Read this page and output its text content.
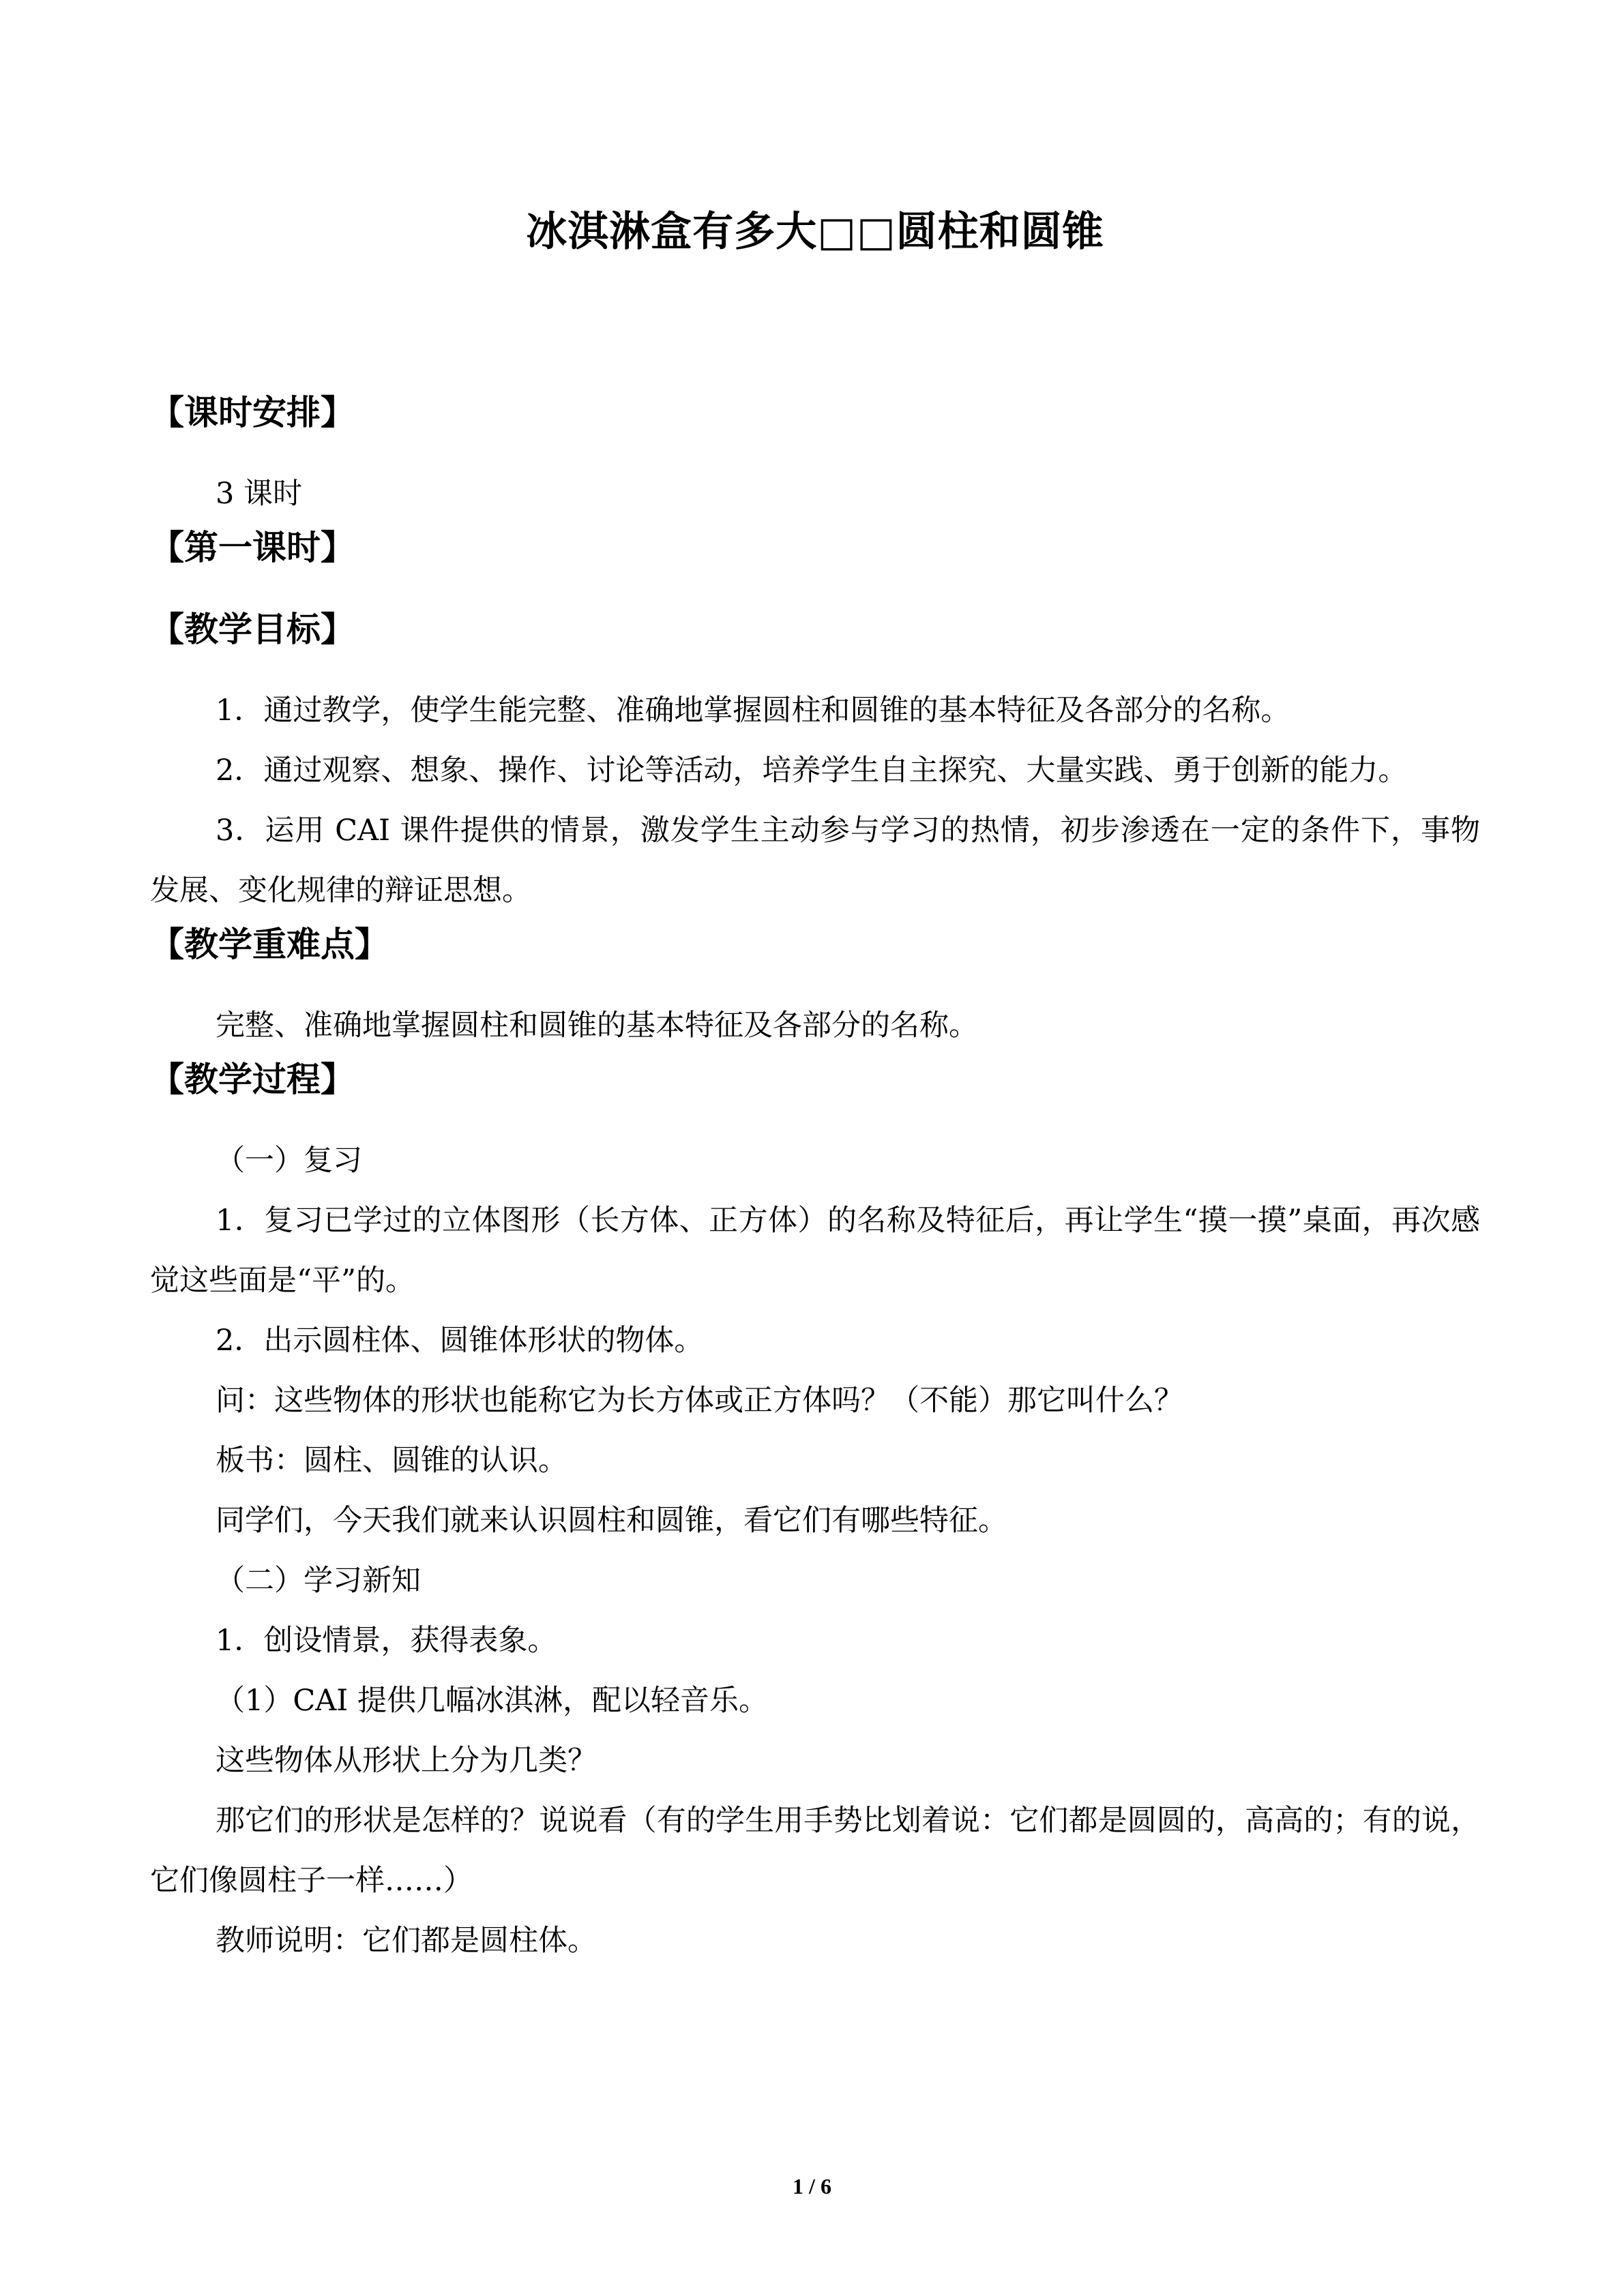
冰淇淋盒有多大□□圆柱和圆锥
【课时安排】

3 课时

【第一课时】
【教学目标】

1．通过教学，使学生能完整、准确地掌握圆柱和圆锥的基本特征及各部分的名称。

2．通过观察、想象、操作、讨论等活动，培养学生自主探究、大量实践、勇于创新的能力。

3．运用 CAI 课件提供的情景，激发学生主动参与学习的热情，初步渗透在一定的条件下，事物发展、变化规律的辩证思想。

【教学重难点】

完整、准确地掌握圆柱和圆锥的基本特征及各部分的名称。

【教学过程】

（一）复习

1．复习已学过的立体图形（长方体、正方体）的名称及特征后，再让学生“摸一摸”桌面，再次感觉这些面是“平”的。

2．出示圆柱体、圆锥体形状的物体。

问：这些物体的形状也能称它为长方体或正方体吗？（不能）那它叫什么？

板书：圆柱、圆锥的认识。

同学们，今天我们就来认识圆柱和圆锥，看它们有哪些特征。

（二）学习新知

1．创设情景，获得表象。

（1）CAI 提供几幅冰淇淋，配以轻音乐。

这些物体从形状上分为几类？

那它们的形状是怎样的？说说看（有的学生用手势比划着说：它们都是圆圆的，高高的；有的说，它们像圆柱子一样……）

教师说明：它们都是圆柱体。

1 / 6
